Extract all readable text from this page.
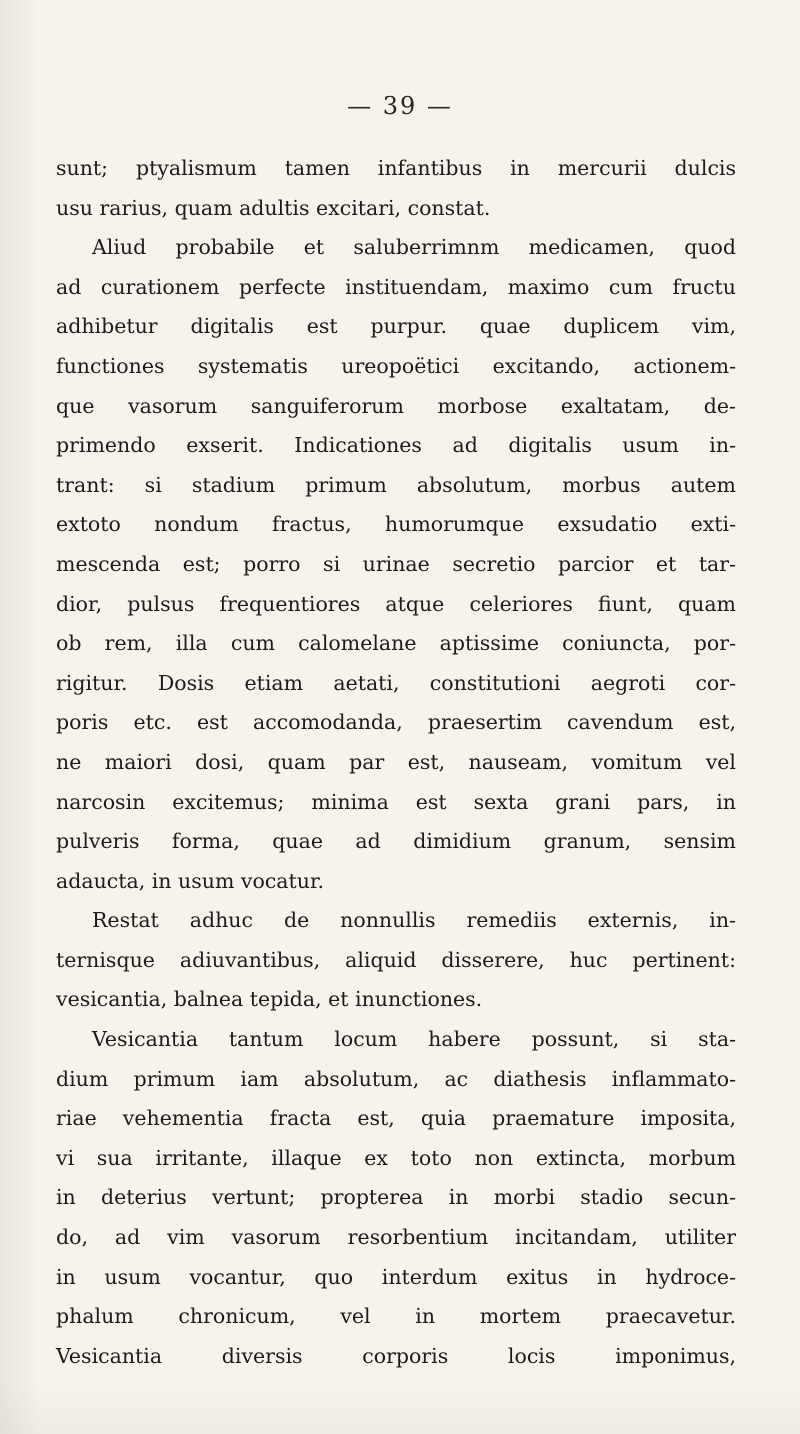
— 39 —
sunt; ptyalismum tamen infantibus in mercurii dulcis
usu rarius, quam adultis excitari, constat.
Aliud probabile et saluberrimnm medicamen, quod
ad curationem perfecte instituendam, maximo cum fructu
adhibetur digitalis est purpur. quae duplicem vim,
functiones systematis ureopoëtici excitando, actionem-
que vasorum sanguiferorum morbose exaltatam, de-
primendo exserit. Indicationes ad digitalis usum in-
trant: si stadium primum absolutum, morbus autem
extoto nondum fractus, humorumque exsudatio exti-
mescenda est; porro si urinae secretio parcior et tar-
dior, pulsus frequentiores atque celeriores fiunt, quam
ob rem, illa cum calomelane aptissime coniuncta, por-
rigitur. Dosis etiam aetati, constitutioni aegroti cor-
poris etc. est accomodanda, praesertim cavendum est,
ne maiori dosi, quam par est, nauseam, vomitum vel
narcosin excitemus; minima est sexta grani pars, in
pulveris forma, quae ad dimidium granum, sensim
adaucta, in usum vocatur.
Restat adhuc de nonnullis remediis externis, in-
ternisque adiuvantibus, aliquid disserere, huc pertinent:
vesicantia, balnea tepida, et inunctiones.
Vesicantia tantum locum habere possunt, si sta-
dium primum iam absolutum, ac diathesis inflammato-
riae vehementia fracta est, quia praemature imposita,
vi sua irritante, illaque ex toto non extincta, morbum
in deterius vertunt; propterea in morbi stadio secun-
do, ad vim vasorum resorbentium incitandam, utiliter
in usum vocantur, quo interdum exitus in hydroce-
phalum chronicum, vel in mortem praecavetur.
Vesicantia diversis corporis locis imponimus,
